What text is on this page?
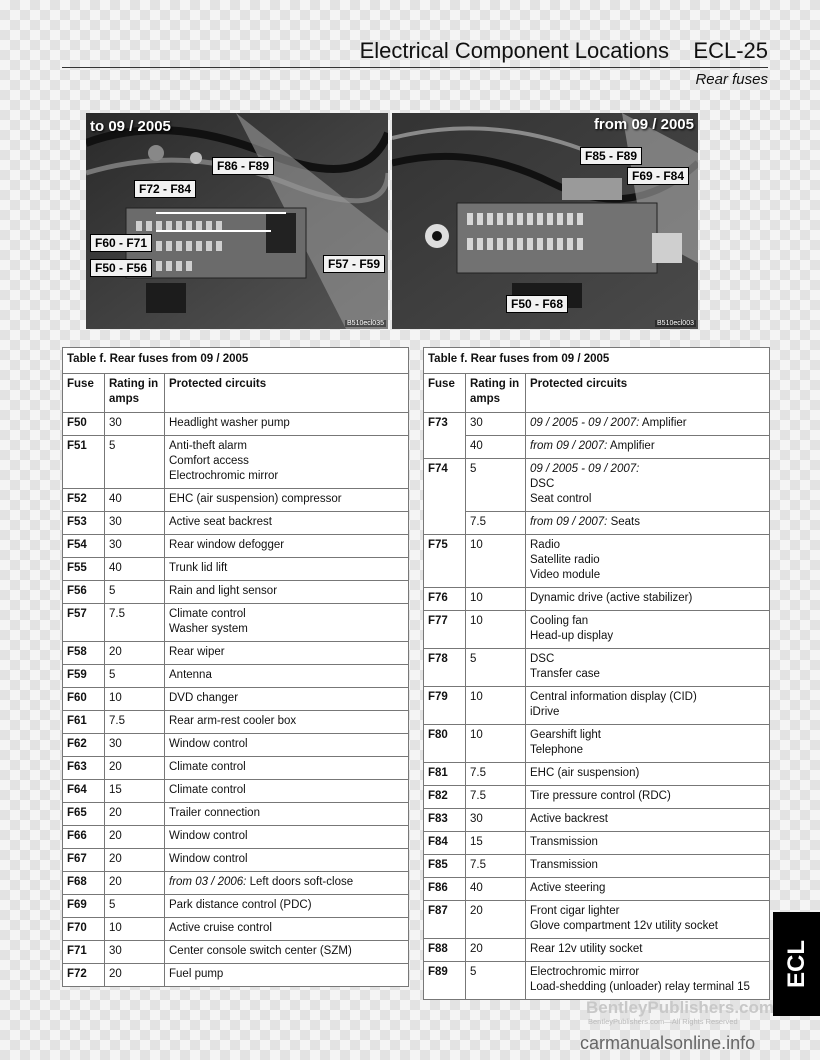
Electrical Component Locations    ECL-25
Rear fuses
to 09 / 2005
F86 - F89
F72 - F84
F60 - F71
F50 - F56	F57 - F59
B510ecl035
from 09 / 2005
F85 - F89
F69 - F84
F50 - F68
B510ecl003
Table f. Rear fuses from 09 / 2005		
Fuse	Rating in amps	Protected circuits
F50	30	Headlight washer pump

F51	5	Anti-theft alarm
Comfort access
Electrochromic mirror

F52	40	EHC (air suspension) compressor

F53	30	Active seat backrest

F54	30	Rear window defogger

F55	40	Trunk lid lift

F56	5	Rain and light sensor

F57	7.5	Climate control
Washer system

F58	20	Rear wiper

F59	5	Antenna

F60	10	DVD changer

F61	7.5	Rear arm-rest cooler box

F62	30	Window control

F63	20	Climate control

F64	15	Climate control

F65	20	Trailer connection

F66	20	Window control

F67	20	Window control

F68	20	from 03 / 2006: Left doors soft-close

F69	5	Park distance control (PDC)

F70	10	Active cruise control

F71	30	Center console switch center (SZM)

F72	20	Fuel pump
Table f. Rear fuses from 09 / 2005		
Fuse	Rating in amps	Protected circuits
F73	30	09 / 2005 - 09 / 2007: Amplifier

	40	from 09 / 2007: Amplifier

F74	5	09 / 2005 - 09 / 2007:
DSC
Seat control

	7.5	from 09 / 2007: Seats

F75	10	Radio
Satellite radio
Video module

F76	10	Dynamic drive (active stabilizer)

F77	10	Cooling fan
Head-up display

F78	5	DSC
Transfer case

F79	10	Central information display (CID)
iDrive

F80	10	Gearshift light
Telephone

F81	7.5	EHC (air suspension)

F82	7.5	Tire pressure control (RDC)

F83	30	Active backrest

F84	15	Transmission

F85	7.5	Transmission

F86	40	Active steering

F87	20	Front cigar lighter
Glove compartment 12v utility socket

F88	20	Rear 12v utility socket

F89	5	Electrochromic mirror
Load-shedding (unloader) relay terminal 15	ECL
BentleyPublishers.com
BentleyPublishers.com—All Rights Reserved
carmanualsonline.info
